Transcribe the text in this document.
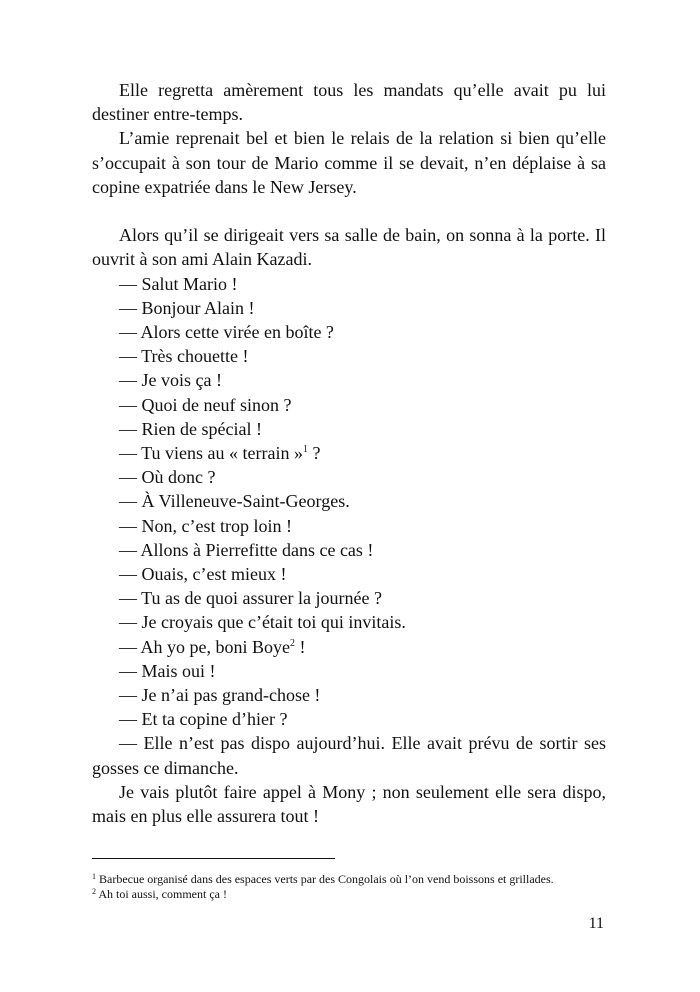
Elle regretta amèrement tous les mandats qu’elle avait pu lui destiner entre-temps.

L’amie reprenait bel et bien le relais de la relation si bien qu’elle s’occupait à son tour de Mario comme il se devait, n’en déplaise à sa copine expatriée dans le New Jersey.

Alors qu’il se dirigeait vers sa salle de bain, on sonna à la porte. Il ouvrit à son ami Alain Kazadi.

— Salut Mario !

— Bonjour Alain !

— Alors cette virée en boîte ?

— Très chouette !

— Je vois ça !

— Quoi de neuf sinon ?

— Rien de spécial !

— Tu viens au « terrain »$^1$ ?

— Où donc ?

— À Villeneuve-Saint-Georges.

— Non, c’est trop loin !

— Allons à Pierrefitte dans ce cas !

— Ouais, c’est mieux !

— Tu as de quoi assurer la journée ?

— Je croyais que c’était toi qui invitais.

— Ah yo pe, boni Boye$^2$ !

— Mais oui !

— Je n’ai pas grand-chose !

— Et ta copine d’hier ?

— Elle n’est pas dispo aujourd’hui. Elle avait prévu de sortir ses gosses ce dimanche.

Je vais plutôt faire appel à Mony ; non seulement elle sera dispo, mais en plus elle assurera tout !

$^1$ Barbecue organisé dans des espaces verts par des Congolais où l’on vend boissons et grillades.

$^2$ Ah toi aussi, comment ça !

11
